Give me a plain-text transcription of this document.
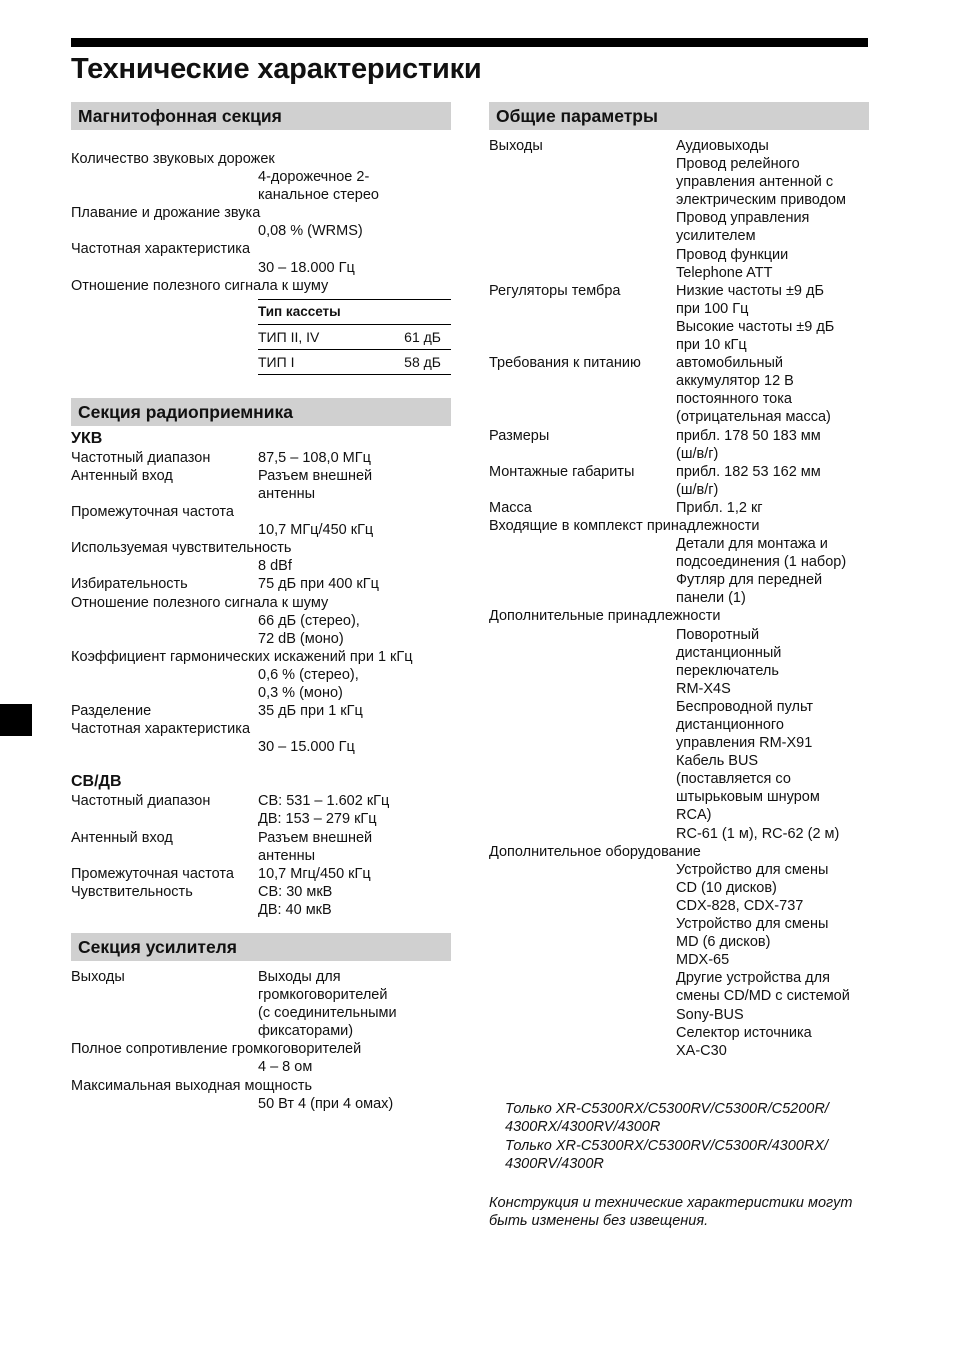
Технические характеристики
Магнитофонная секция
Количество звуковых дорожек
4-дорожечное 2-
канальное стерео
Плавание и дрожание звука
0,08 % (WRMS)
Частотная характеристика
30 – 18.000 Гц
Отношение полезного сигнала к шуму
Тип кассеты
ТИП II, IV	61 дБ
ТИП I	58 дБ
Секция радиоприемника
УКВ
Частотный диапазон	87,5 – 108,0 МГц
Антенный вход	Разъем внешней
антенны
Промежуточная частота
10,7 МГц/450 кГц
Используемая чувствительность
8 dBf
Избирательность	75 дБ при 400 кГц
Отношение полезного сигнала к шуму
66 дБ (стерео),
72 dB (моно)
Коэффициент гармонических искажений при 1 кГц
0,6 % (стерео),
0,3 % (моно)
Разделение	35 дБ при 1 кГц
Частотная характеристика
30 – 15.000 Гц
СВ/ДВ
Частотный диапазон	СВ: 531 – 1.602 кГц
ДВ: 153 – 279 кГц
Антенный вход	Разъем внешней
антенны
Промежуточная частота	10,7 Мгц/450 кГц
Чувствительность	СВ: 30 мкВ
ДВ: 40 мкВ
Секция усилителя
Выходы	Выходы для
громкоговорителей
(с соединительными
фиксаторами)
Полное сопротивление громкоговорителей
4 – 8 ом
Максимальная выходная мощность
50 Вт 4 (при 4 омах)
Общие параметры
Выходы	Аудиовыходы
Провод релейного
управления антенной с
электрическим приводом
Провод управления
усилителем
Провод функции
Telephone ATT
Регуляторы тембра	Низкие частоты ±9 дБ
при 100 Гц
Высокие частоты ±9 дБ
при 10 кГц
Требования к питанию	автомобильный
аккумулятор 12 В
постоянного тока
(отрицательная масса)
Размеры	прибл. 178 50 183 мм
(ш/в/г)
Монтажные габариты	прибл. 182 53 162 мм
(ш/в/г)
Масса	Прибл. 1,2 кг
Входящие в комплекст принадлежности
Детали для монтажа и
подсоединения (1 набор)
Футляр для передней
панели (1)
Дополнительные принадлежности
Поворотный
дистанционный
переключатель
RM-X4S
Беспроводной пульт
дистанционного
управления RM-X91
Кабель BUS
(поставляется со
штырьковым шнуром
RCA)
RC-61 (1 м), RC-62 (2 м)
Дополнительное оборудование
Устройство для смены
CD (10 дисков)
CDX-828, CDX-737
Устройство для смены
MD (6 дисков)
MDX-65
Другие устройства для
смены CD/MD с системой
Sony-BUS
Селектор источника
XA-C30
Только XR-C5300RX/C5300RV/C5300R/C5200R/
4300RX/4300RV/4300R
Только XR-C5300RX/C5300RV/C5300R/4300RX/
4300RV/4300R
Конструкция и технические характеристики могут
быть изменены без извещения.
